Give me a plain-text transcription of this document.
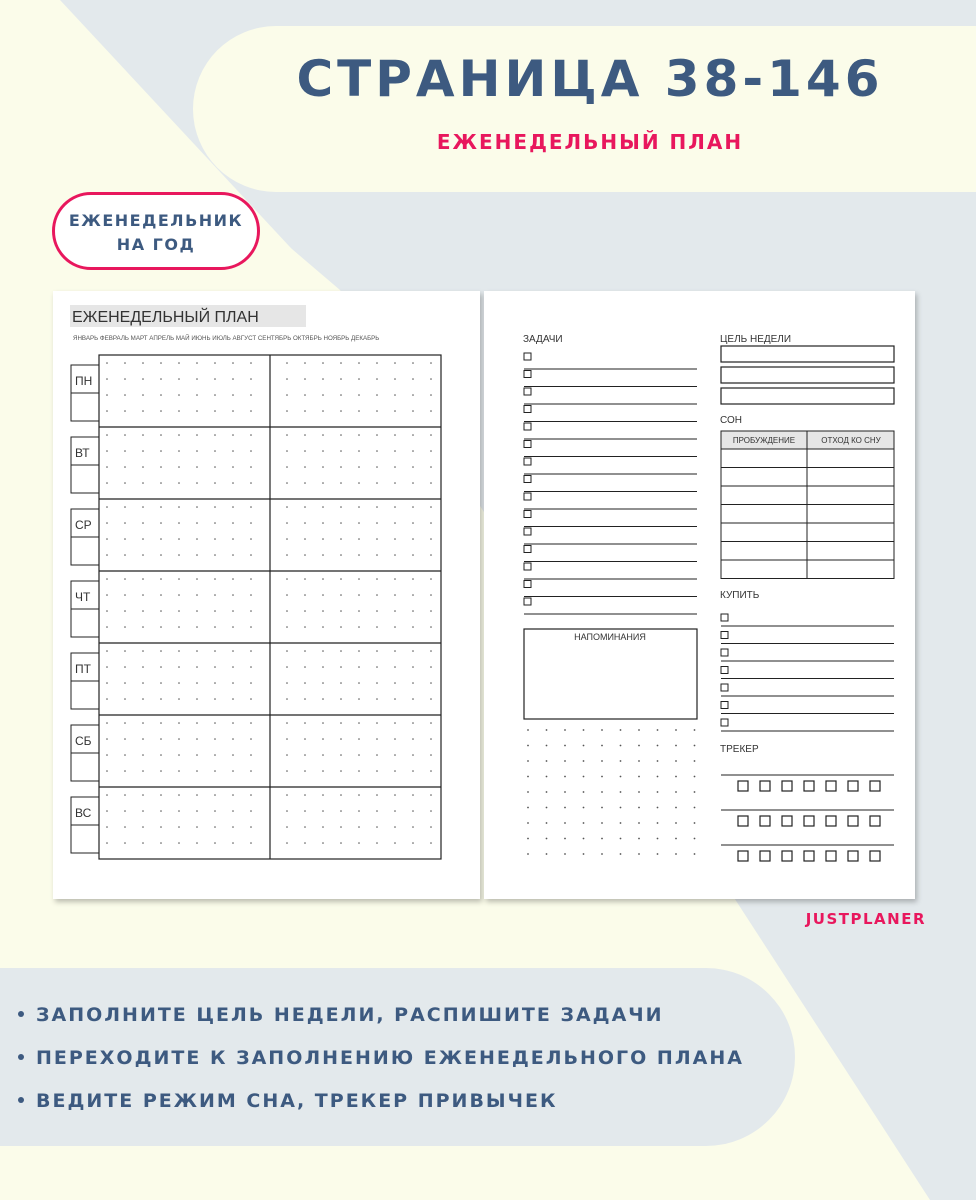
СТРАНИЦА 38-146
ЕЖЕНЕДЕЛЬНЫЙ ПЛАН
ЕЖЕНЕДЕЛЬНИК
НА ГОД
ЕЖЕНЕДЕЛЬНЫЙ ПЛАН
ЯНВАРЬ ФЕВРАЛЬ МАРТ АПРЕЛЬ МАЙ ИЮНЬ ИЮЛЬ АВГУСТ СЕНТЯБРЬ ОКТЯБРЬ НОЯБРЬ ДЕКАБРЬ
ПН
ВТ
СР
ЧТ
ПТ
СБ
ВС
ЗАДАЧИ
НАПОМИНАНИЯ
ЦЕЛЬ НЕДЕЛИ
СОН
ПРОБУЖДЕНИЕ	ОТХОД КО СНУ
КУПИТЬ
ТРЕКЕР
JUSTPLANER
ЗАПОЛНИТЕ ЦЕЛЬ НЕДЕЛИ, РАСПИШИТЕ ЗАДАЧИ
ПЕРЕХОДИТЕ К ЗАПОЛНЕНИЮ ЕЖЕНЕДЕЛЬНОГО ПЛАНА
ВЕДИТЕ РЕЖИМ СНА, ТРЕКЕР ПРИВЫЧЕК
